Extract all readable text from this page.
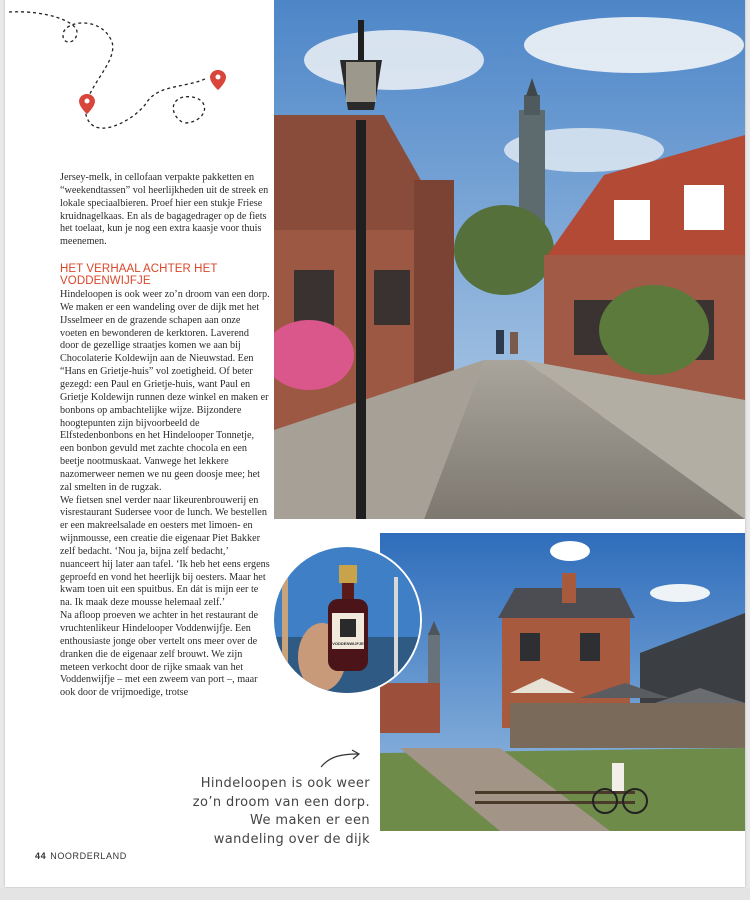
Jersey-melk, in cellofaan verpakte pakketten en “weekendtassen” vol heerlijkheden uit de streek en lokale speciaalbieren. Proef hier een stukje Friese kruidnagelkaas. En als de bagagedrager op de fiets het toelaat, kun je nog een extra kaasje voor thuis meenemen.

HET VERHAAL ACHTER HET VODDENWIJFJE

Hindeloopen is ook weer zo’n droom van een dorp. We maken er een wandeling over de dijk met het IJsselmeer en de grazende schapen aan onze voeten en bewonderen de kerktoren. Laverend door de gezellige straatjes komen we aan bij Chocolaterie Koldewijn aan de Nieuwstad. Een “Hans en Grietje-huis” vol zoetigheid. Of beter gezegd: een Paul en Grietje-huis, want Paul en Grietje Koldewijn runnen deze winkel en maken er bonbons op ambachtelijke wijze. Bijzondere hoogtepunten zijn bijvoorbeeld de Elfstedenbonbons en het Hindelooper Tonnetje, een bonbon gevuld met zachte chocola en een beetje nootmuskaat. Vanwege het lekkere nazomerweer nemen we nu geen doosje mee; het zal smelten in de rugzak.

We fietsen snel verder naar likeurenbrouwerij en visrestaurant Sudersee voor de lunch. We bestellen er een makreelsalade en oesters met limoen- en wijnmousse, een creatie die eigenaar Piet Bakker zelf bedacht. ‘Nou ja, bijna zelf bedacht,’ nuanceert hij later aan tafel. ‘Ik heb het eens ergens geproefd en vond het heerlijk bij oesters. Maar het kwam toen uit een spuitbus. En dát is mijn eer te na. Ik maak deze mousse helemaal zelf.’

Na afloop proeven we achter in het restaurant de vruchtenlikeur Hindelooper Voddenwijfje. Een enthousiaste jonge ober vertelt ons meer over de dranken die de eigenaar zelf brouwt. We zijn meteen verkocht door de rijke smaak van het Voddenwijfje – met een zweem van port –, maar ook door de vrijmoedige, trotse

44 NOORDERLAND
Hindeloopen is ook weer zo’n droom van een dorp. We maken er een wandeling over de dijk
VODDENWIJFJE
